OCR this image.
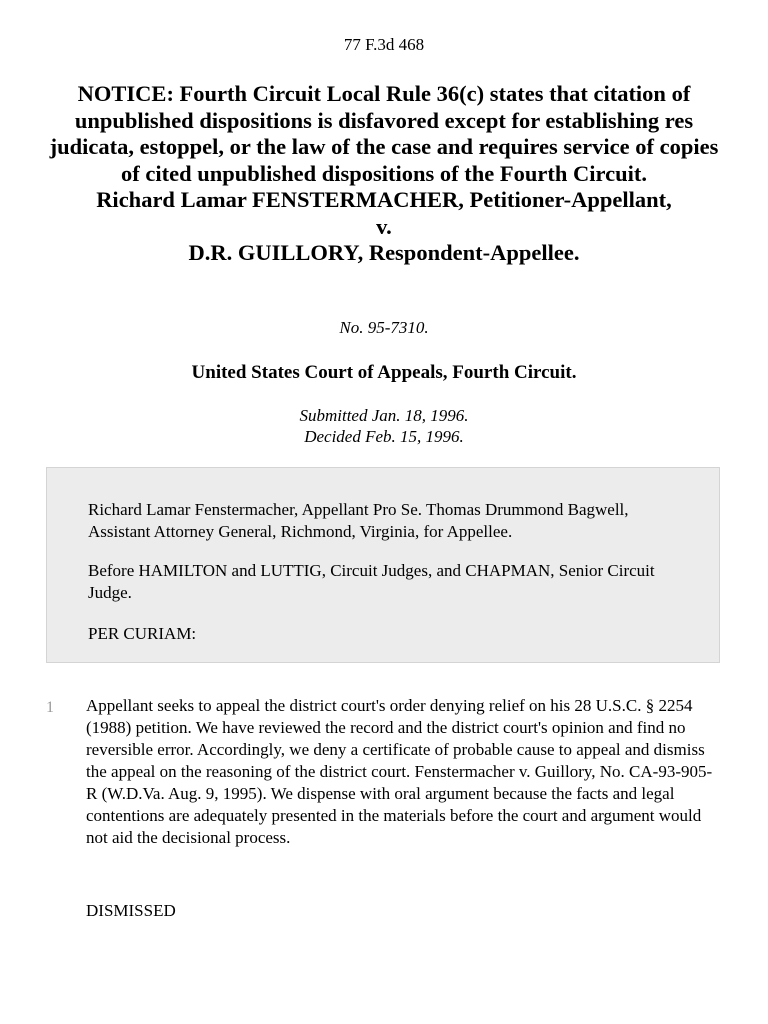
77 F.3d 468
NOTICE: Fourth Circuit Local Rule 36(c) states that citation of unpublished dispositions is disfavored except for establishing res judicata, estoppel, or the law of the case and requires service of copies of cited unpublished dispositions of the Fourth Circuit.
Richard Lamar FENSTERMACHER, Petitioner-Appellant,
v.
D.R. GUILLORY, Respondent-Appellee.
No. 95-7310.
United States Court of Appeals, Fourth Circuit.
Submitted Jan. 18, 1996.
Decided Feb. 15, 1996.

Richard Lamar Fenstermacher, Appellant Pro Se. Thomas Drummond Bagwell, Assistant Attorney General, Richmond, Virginia, for Appellee.

Before HAMILTON and LUTTIG, Circuit Judges, and CHAPMAN, Senior Circuit Judge.

PER CURIAM:

1 Appellant seeks to appeal the district court's order denying relief on his 28 U.S.C. § 2254 (1988) petition. We have reviewed the record and the district court's opinion and find no reversible error. Accordingly, we deny a certificate of probable cause to appeal and dismiss the appeal on the reasoning of the district court. Fenstermacher v. Guillory, No. CA-93-905-R (W.D.Va. Aug. 9, 1995). We dispense with oral argument because the facts and legal contentions are adequately presented in the materials before the court and argument would not aid the decisional process.

DISMISSED
